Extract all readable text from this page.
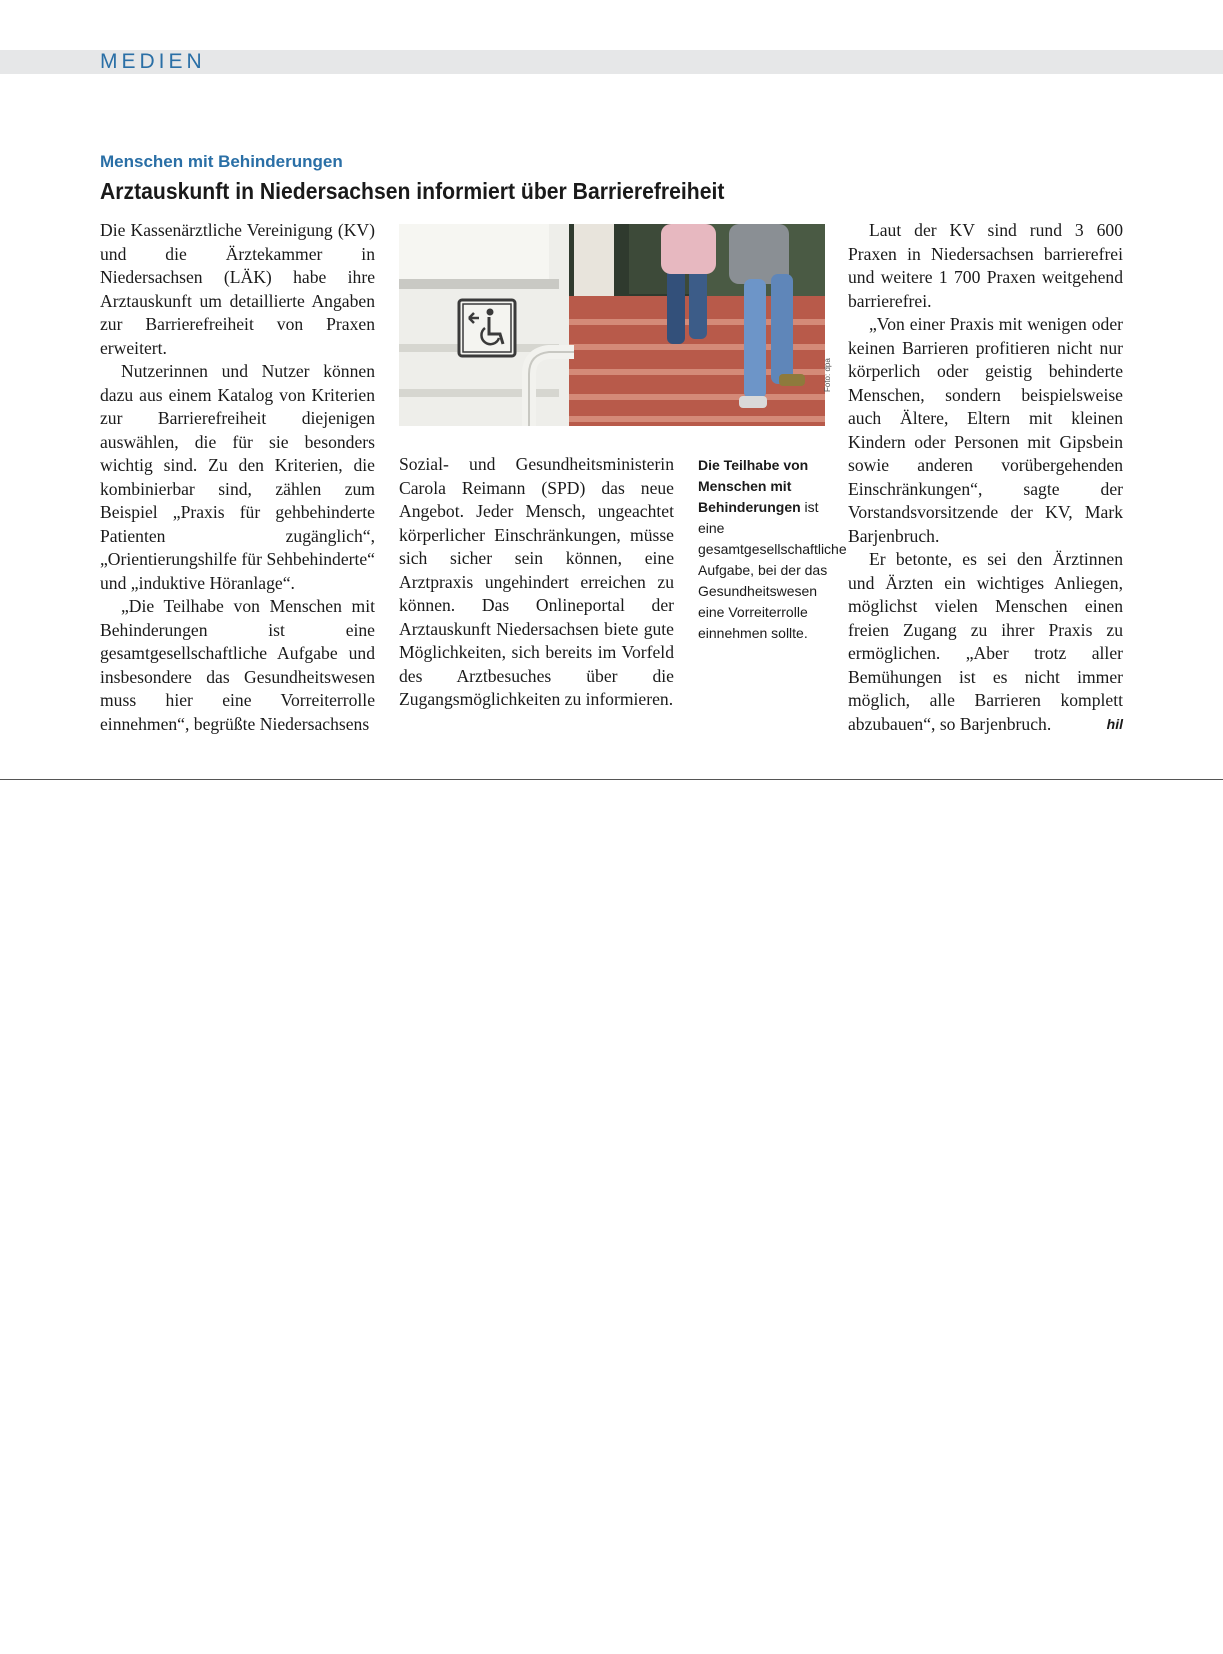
MEDIEN
Menschen mit Behinderungen
Arztauskunft in Niedersachsen informiert über Barrierefreiheit

Die Kassenärztliche Vereinigung (KV) und die Ärztekammer in Niedersachsen (LÄK) habe ihre Arztauskunft um detaillierte Angaben zur Barrierefreiheit von Praxen erweitert.

Nutzerinnen und Nutzer können dazu aus einem Katalog von Kriterien zur Barrierefreiheit diejenigen auswählen, die für sie besonders wichtig sind. Zu den Kriterien, die kombinierbar sind, zählen zum Beispiel „Praxis für gehbehinderte Patienten zugänglich“, „Orientierungshilfe für Sehbehinderte“ und „induktive Höranlage“.

„Die Teilhabe von Menschen mit Behinderungen ist eine gesamtgesellschaftliche Aufgabe und insbesondere das Gesundheitswesen muss hier eine Vorreiterrolle einnehmen“, begrüßte Niedersachsens

Foto: dpa

Sozial- und Gesundheitsministerin Carola Reimann (SPD) das neue Angebot. Jeder Mensch, ungeachtet körperlicher Einschränkungen, müsse sich sicher sein können, eine Arztpraxis ungehindert erreichen zu können. Das Onlineportal der Arztauskunft Niedersachsen biete gute Möglichkeiten, sich bereits im Vorfeld des Arztbesuches über die Zugangsmöglichkeiten zu informieren.

Die Teilhabe von Menschen mit Behinderungen ist eine gesamtgesellschaftliche Aufgabe, bei der das Gesundheitswesen eine Vorreiterrolle einnehmen sollte.

Laut der KV sind rund 3 600 Praxen in Niedersachsen barrierefrei und weitere 1 700 Praxen weitgehend barrierefrei.

„Von einer Praxis mit wenigen oder keinen Barrieren profitieren nicht nur körperlich oder geistig behinderte Menschen, sondern beispielsweise auch Ältere, Eltern mit kleinen Kindern oder Personen mit Gipsbein sowie anderen vorübergehenden Einschränkungen“, sagte der Vorstandsvorsitzende der KV, Mark Barjenbruch.

Er betonte, es sei den Ärztinnen und Ärzten ein wichtiges Anliegen, möglichst vielen Menschen einen freien Zugang zu ihrer Praxis zu ermöglichen. „Aber trotz aller Bemühungen ist es nicht immer möglich, alle Barrieren komplett abzubauen“, so Barjenbruch.	hil
